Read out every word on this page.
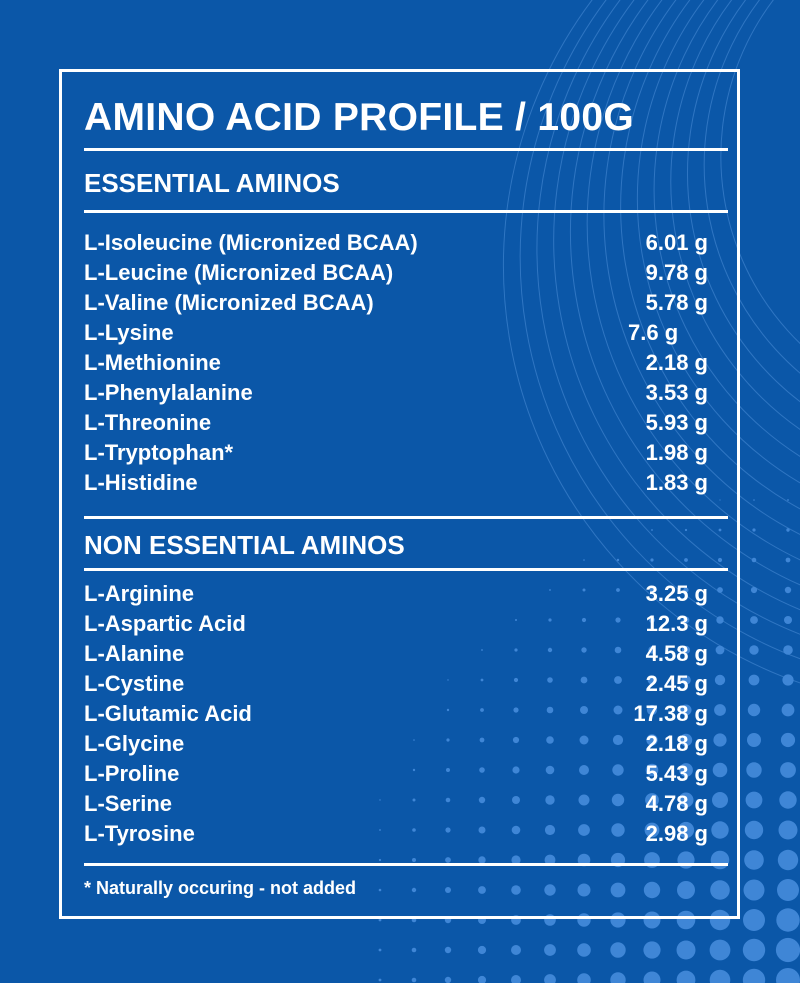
AMINO ACID PROFILE / 100G
ESSENTIAL AMINOS
L-Isoleucine (Micronized BCAA)	6.01 g
L-Leucine (Micronized BCAA)	9.78 g
L-Valine (Micronized BCAA)	5.78 g
L-Lysine	7.6 g
L-Methionine	2.18 g
L-Phenylalanine	3.53 g
L-Threonine	5.93 g
L-Tryptophan*	1.98 g
L-Histidine	1.83 g
NON ESSENTIAL AMINOS
L-Arginine	3.25 g
L-Aspartic Acid	12.3 g
L-Alanine	4.58 g
L-Cystine	2.45 g
L-Glutamic Acid	17.38 g
L-Glycine	2.18 g
L-Proline	5.43 g
L-Serine	4.78 g
L-Tyrosine	2.98 g
* Naturally occuring - not added
